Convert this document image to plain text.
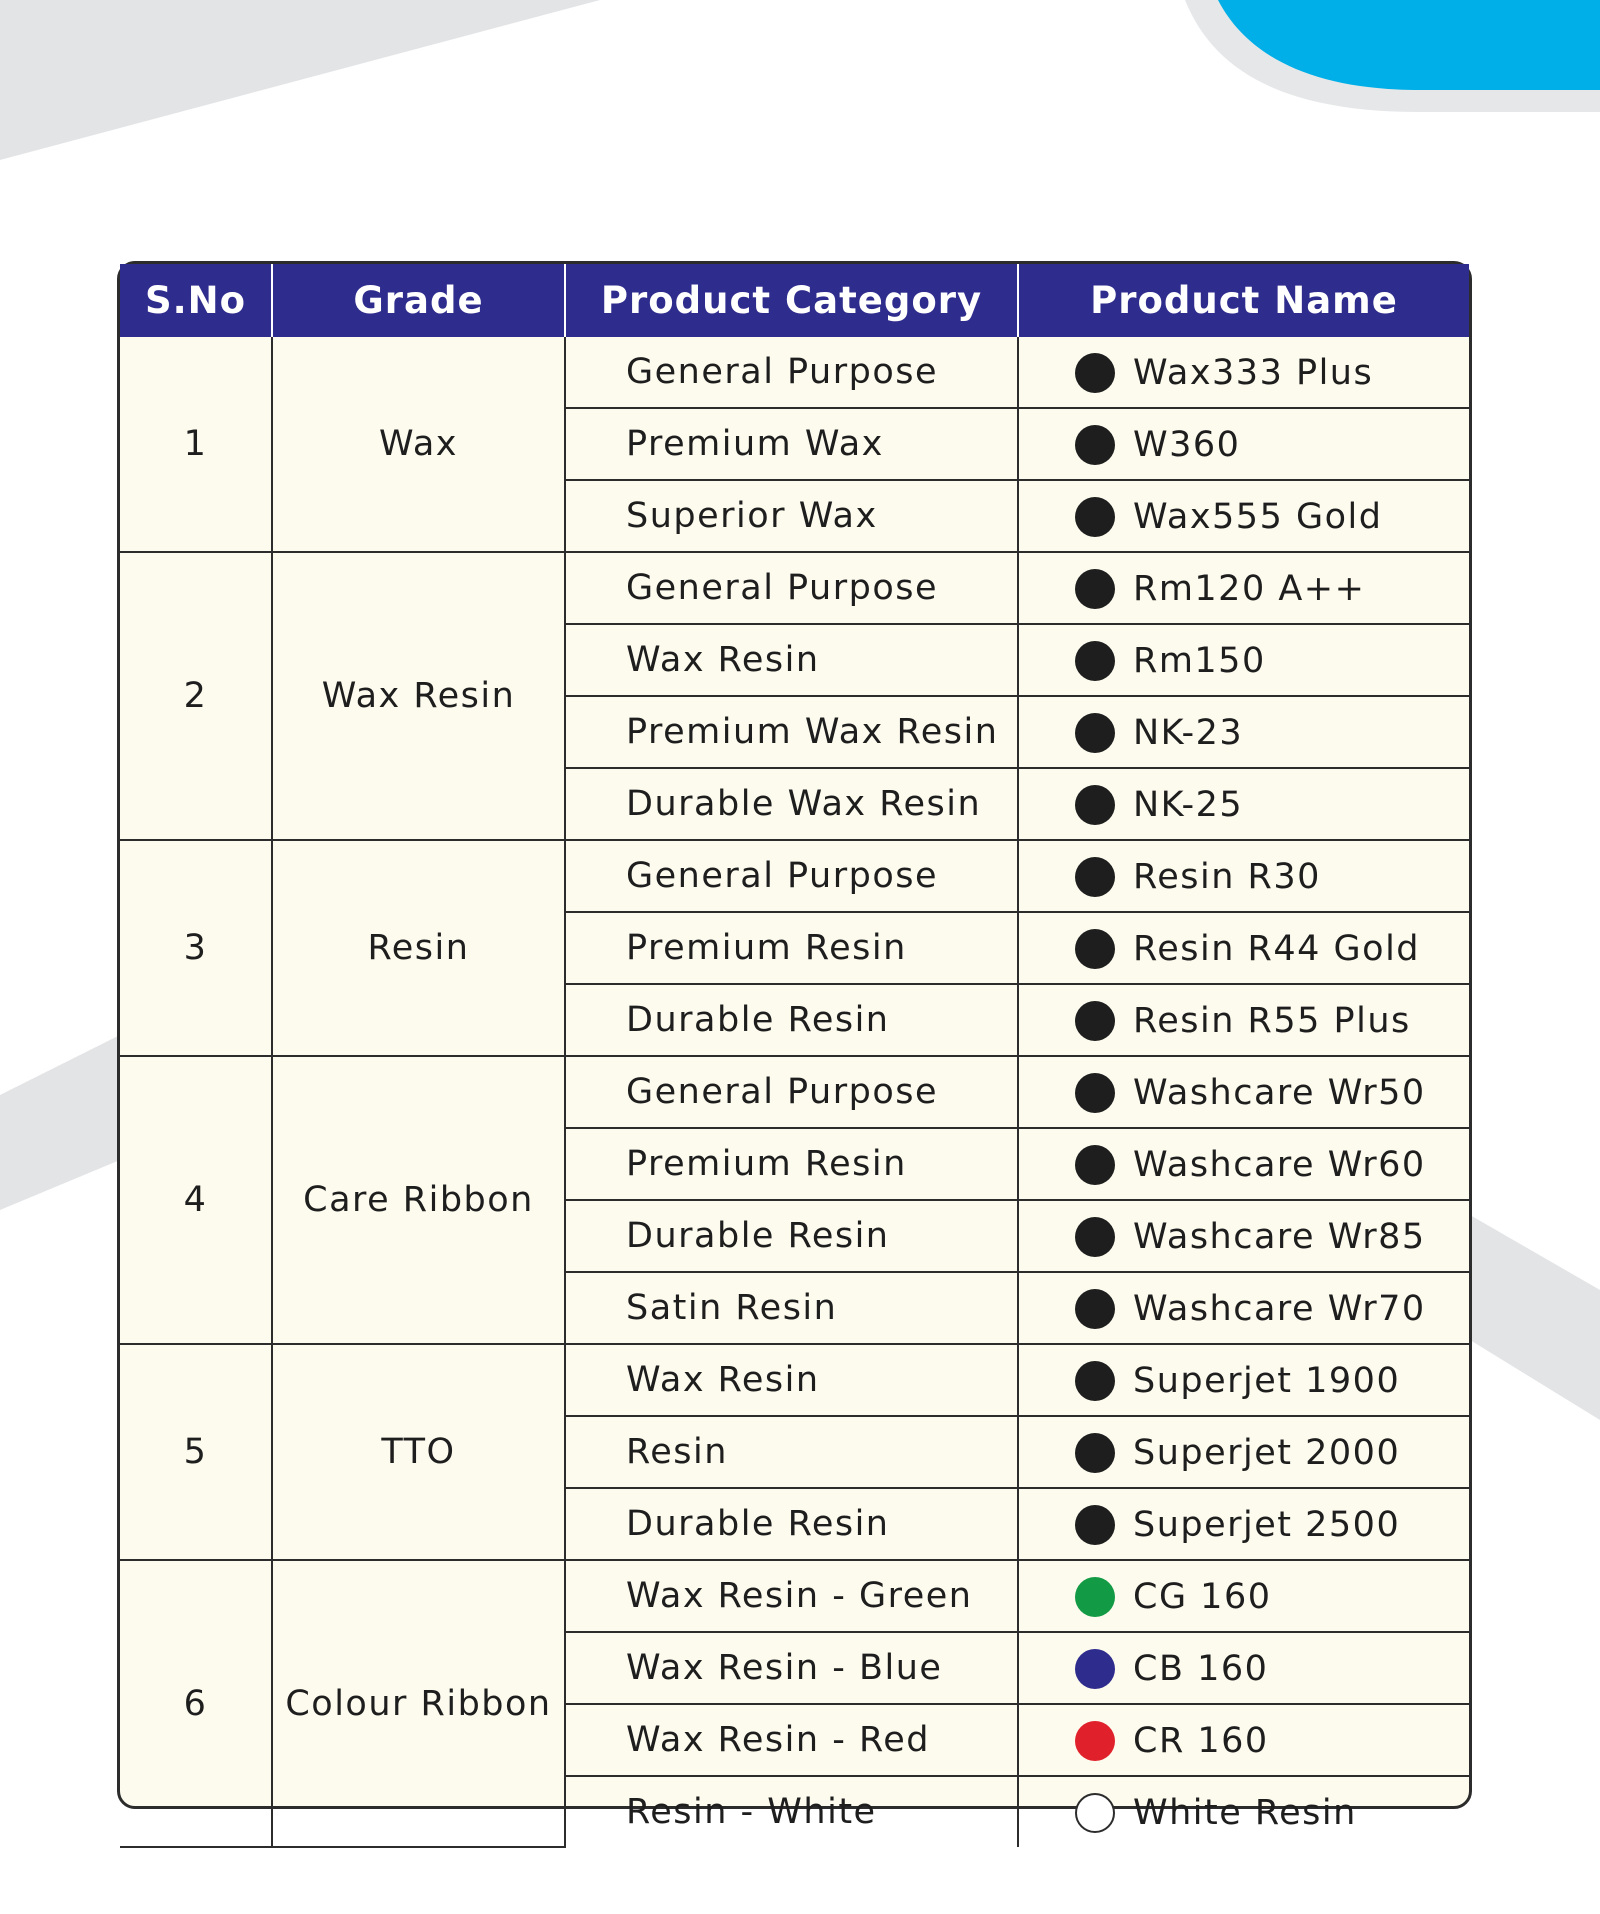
S.No	Grade	Product Category	Product Name
1	Wax	General Purpose	Wax333 Plus
		Premium Wax	W360
		Superior Wax	Wax555 Gold
2	Wax Resin	General Purpose	Rm120 A++
		Wax Resin	Rm150
		Premium Wax Resin	NK-23
		Durable Wax Resin	NK-25
3	Resin	General Purpose	Resin R30
		Premium Resin	Resin R44 Gold
		Durable Resin	Resin R55 Plus
4	Care Ribbon	General Purpose	Washcare Wr50
		Premium Resin	Washcare Wr60
		Durable Resin	Washcare Wr85
		Satin Resin	Washcare Wr70
5	TTO	Wax Resin	Superjet 1900
		Resin	Superjet 2000
		Durable Resin	Superjet 2500
6	Colour Ribbon	Wax Resin - Green	CG 160
		Wax Resin - Blue	CB 160
		Wax Resin - Red	CR 160
		Resin - White	White Resin
